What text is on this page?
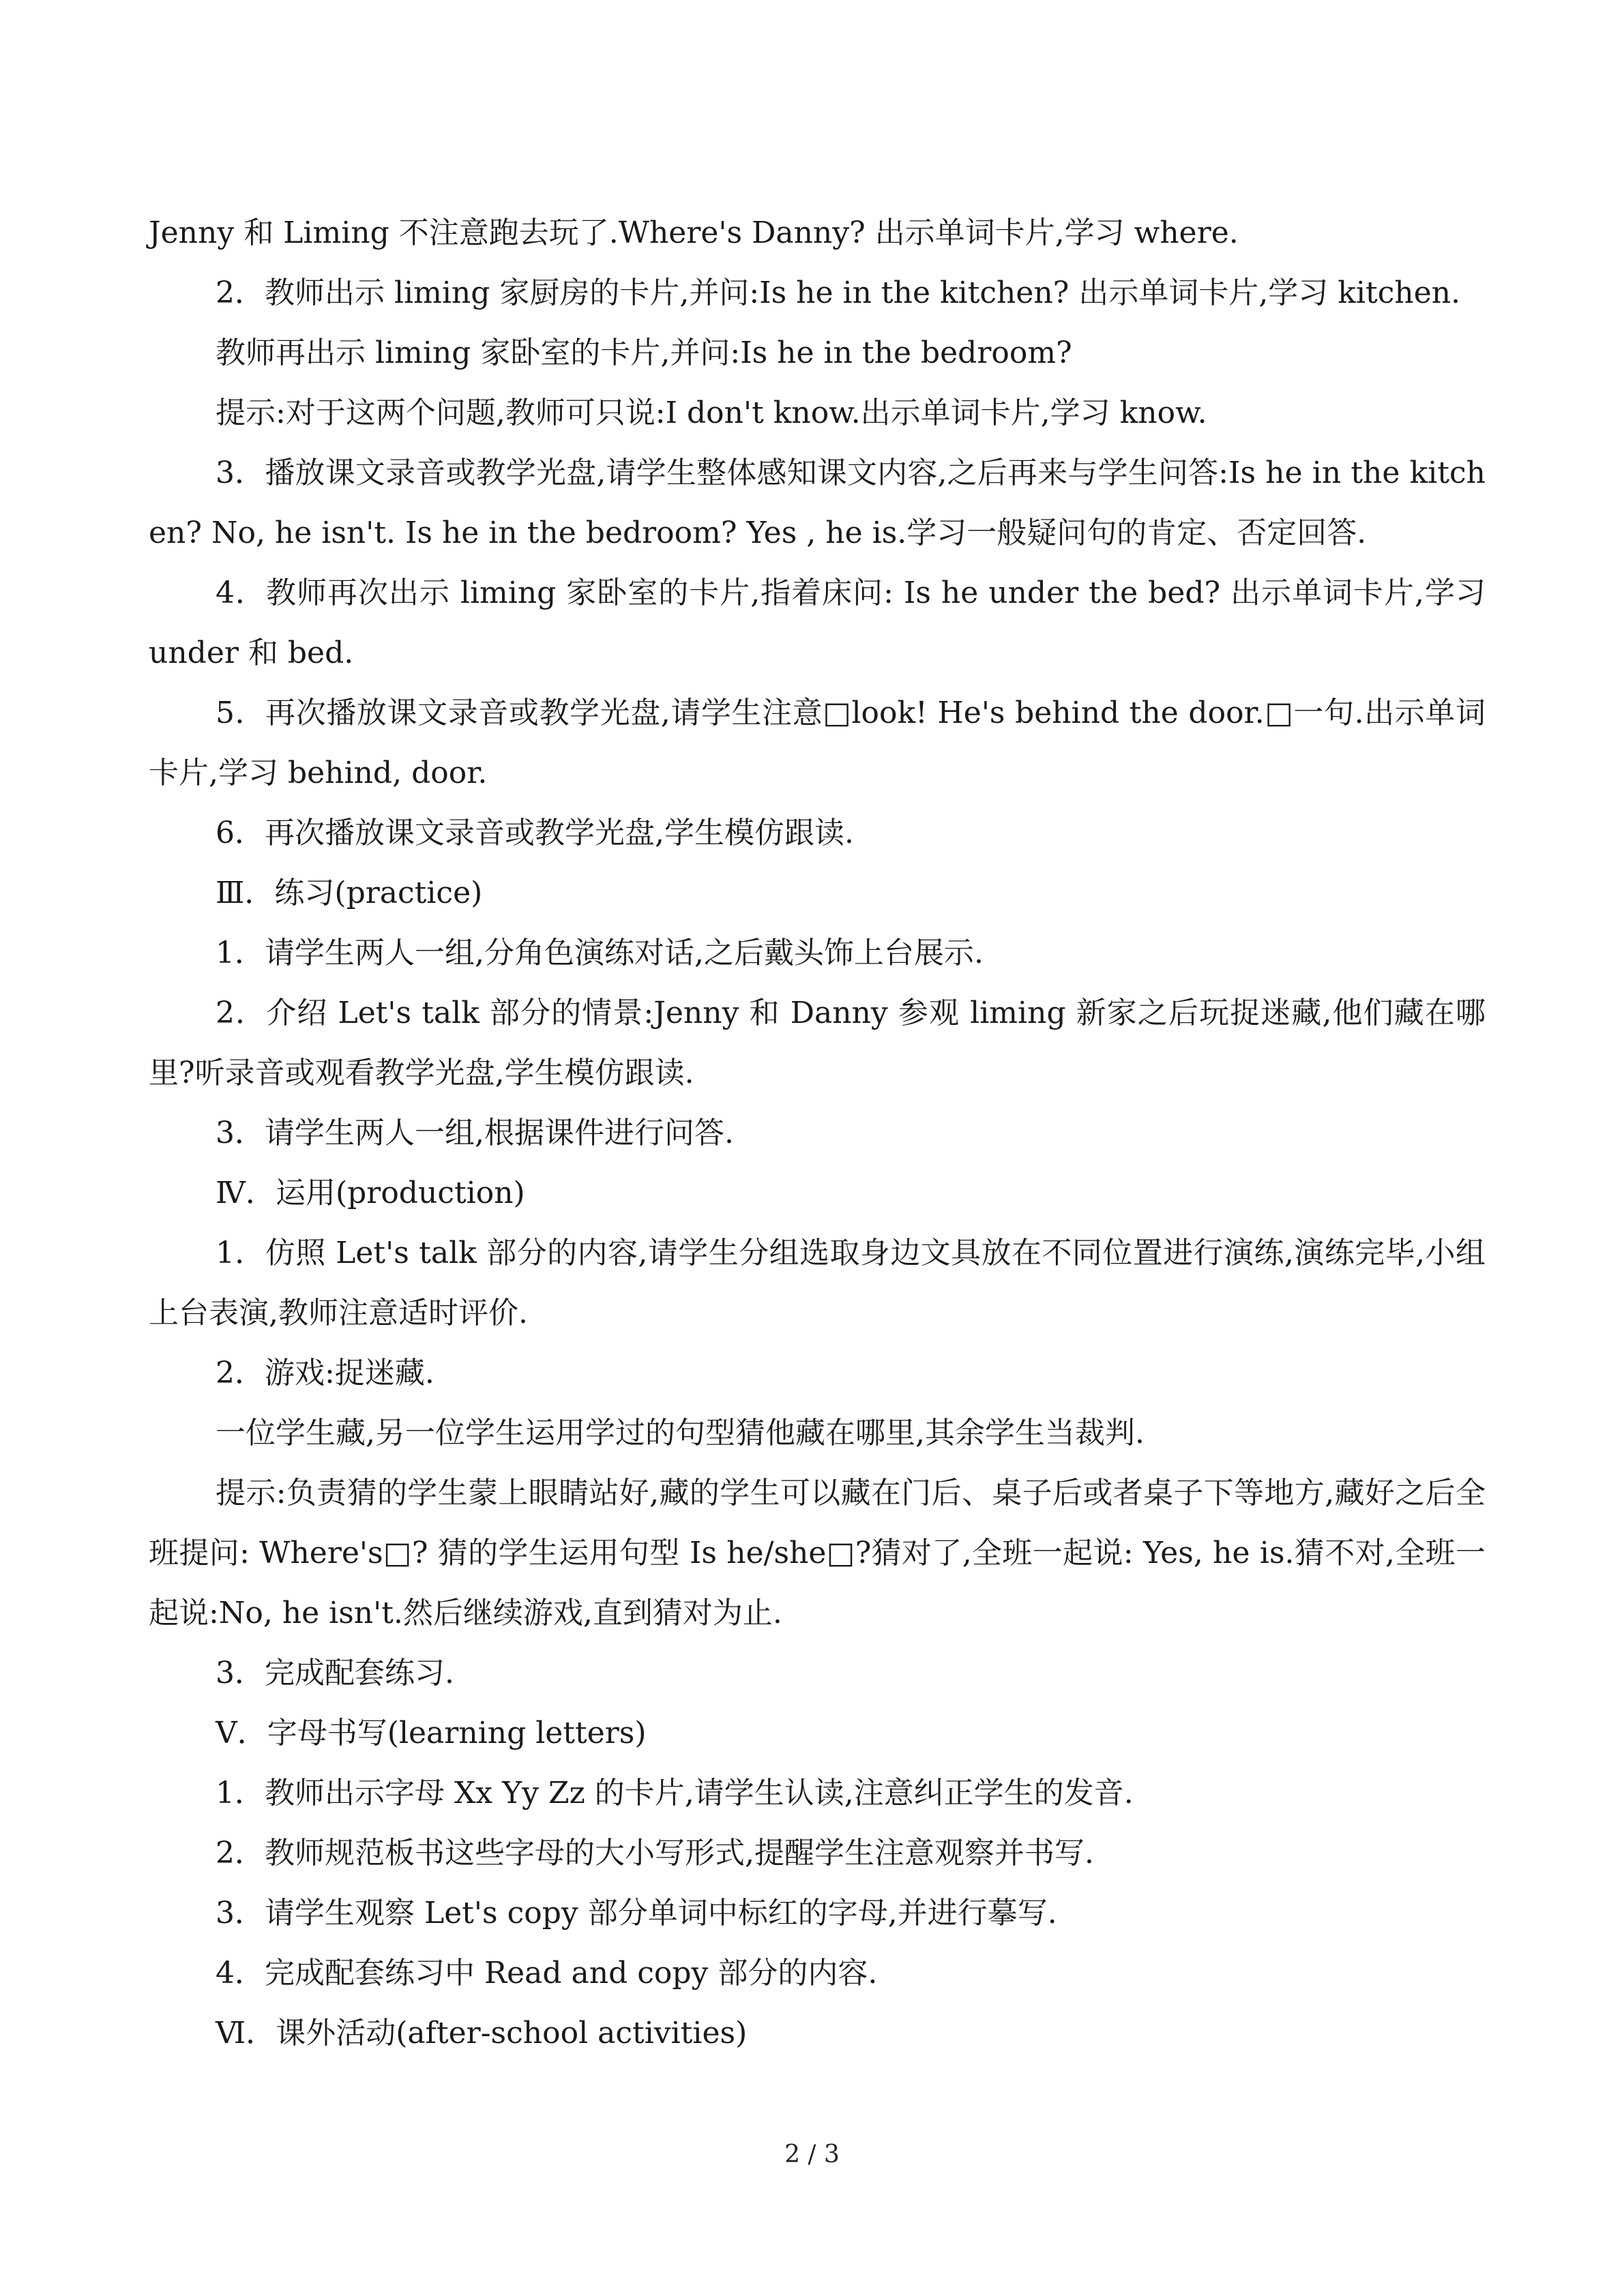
Jenny 和 Liming 不注意跑去玩了.Where's Danny? 出示单词卡片,学习 where.

2．教师出示 liming 家厨房的卡片,并问:Is he in the kitchen? 出示单词卡片,学习 kitchen.

教师再出示 liming 家卧室的卡片,并问:Is he in the bedroom?

提示:对于这两个问题,教师可只说:I don't know.出示单词卡片,学习 know.

3．播放课文录音或教学光盘,请学生整体感知课文内容,之后再来与学生问答:Is he in the kitchen? No, he isn't. Is he in the bedroom? Yes , he is.学习一般疑问句的肯定、否定回答.

4．教师再次出示 liming 家卧室的卡片,指着床问: Is he under the bed? 出示单词卡片,学习 under 和 bed.

5．再次播放课文录音或教学光盘,请学生注意□look! He's behind the door.□一句.出示单词卡片,学习 behind, door.

6．再次播放课文录音或教学光盘,学生模仿跟读.

Ⅲ．练习(practice)

1．请学生两人一组,分角色演练对话,之后戴头饰上台展示.

2．介绍 Let's talk 部分的情景:Jenny 和 Danny 参观 liming 新家之后玩捉迷藏,他们藏在哪里?听录音或观看教学光盘,学生模仿跟读.

3．请学生两人一组,根据课件进行问答.

Ⅳ．运用(production)

1．仿照 Let's talk 部分的内容,请学生分组选取身边文具放在不同位置进行演练,演练完毕,小组上台表演,教师注意适时评价.

2．游戏:捉迷藏.

一位学生藏,另一位学生运用学过的句型猜他藏在哪里,其余学生当裁判.

提示:负责猜的学生蒙上眼睛站好,藏的学生可以藏在门后、桌子后或者桌子下等地方,藏好之后全班提问: Where's□? 猜的学生运用句型 Is he/she□?猜对了,全班一起说: Yes, he is.猜不对,全班一起说:No, he isn't.然后继续游戏,直到猜对为止.

3．完成配套练习.

Ⅴ．字母书写(learning letters)

1．教师出示字母 Xx Yy Zz 的卡片,请学生认读,注意纠正学生的发音.

2．教师规范板书这些字母的大小写形式,提醒学生注意观察并书写.

3．请学生观察 Let's copy 部分单词中标红的字母,并进行摹写.

4．完成配套练习中 Read and copy 部分的内容.

Ⅵ．课外活动(after-school activities)

2 / 3
